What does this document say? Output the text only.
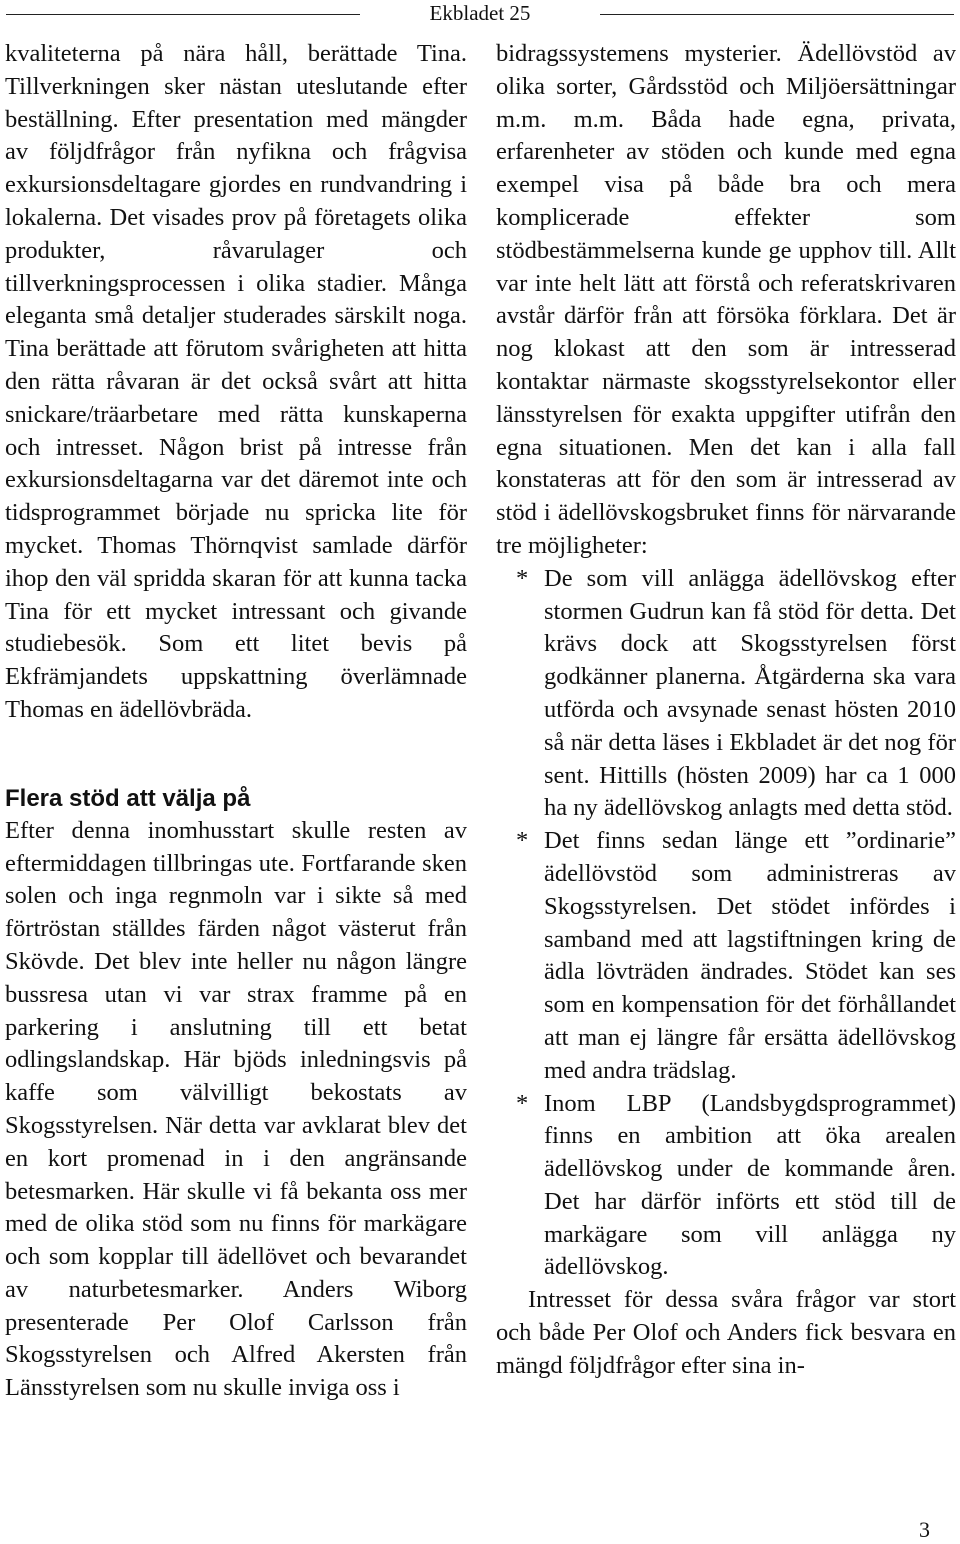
Ekbladet 25

kvaliteterna på nära håll, berättade Tina. Tillverkningen sker nästan uteslutande efter beställning. Efter presentation med mängder av följdfrågor från nyfikna och frågvisa exkursionsdeltagare gjordes en rundvandring i lokalerna. Det visades prov på företagets olika produkter, råvarulager och tillverkningsprocessen i olika stadier. Många eleganta små detaljer studerades särskilt noga. Tina berättade att förutom svårigheten att hitta den rätta råvaran är det också svårt att hitta snickare/träarbetare med rätta kunskaperna och intresset. Någon brist på intresse från exkursionsdeltagarna var det däremot inte och tidsprogrammet började nu spricka lite för mycket. Thomas Thörnqvist samlade därför ihop den väl spridda skaran för att kunna tacka Tina för ett mycket intressant och givande studiebesök. Som ett litet bevis på Ekfrämjandets uppskattning överlämnade Thomas en ädellövbräda.

Flera stöd att välja på

Efter denna inomhusstart skulle resten av eftermiddagen tillbringas ute. Fortfarande sken solen och inga regnmoln var i sikte så med förtröstan ställdes färden något västerut från Skövde. Det blev inte heller nu någon längre bussresa utan vi var strax framme på en parkering i anslutning till ett betat odlingslandskap. Här bjöds inledningsvis på kaffe som välvilligt bekostats av Skogsstyrelsen. När detta var avklarat blev det en kort promenad in i den angränsande betesmarken. Här skulle vi få bekanta oss mer med de olika stöd som nu finns för markägare och som kopplar till ädellövet och bevarandet av naturbetesmarker. Anders Wiborg presenterade Per Olof Carlsson från Skogsstyrelsen och Alfred Akersten från Länsstyrelsen som nu skulle inviga oss i

bidragssystemens mysterier. Ädellövstöd av olika sorter, Gårdsstöd och Miljöersättningar m.m. m.m. Båda hade egna, privata, erfarenheter av stöden och kunde med egna exempel visa på både bra och mera komplicerade effekter som stödbestämmelserna kunde ge upphov till. Allt var inte helt lätt att förstå och referatskrivaren avstår därför från att försöka förklara. Det är nog klokast att den som är intresserad kontaktar närmaste skogsstyrelsekontor eller länsstyrelsen för exakta uppgifter utifrån den egna situationen. Men det kan i alla fall konstateras att för den som är intresserad av stöd i ädellövskogsbruket finns för närvarande tre möjligheter:

* De som vill anlägga ädellövskog efter stormen Gudrun kan få stöd för detta. Det krävs dock att Skogsstyrelsen först godkänner planerna. Åtgärderna ska vara utförda och avsynade senast hösten 2010 så när detta läses i Ekbladet är det nog för sent. Hittills (hösten 2009) har ca 1 000 ha ny ädellövskog anlagts med detta stöd.
* Det finns sedan länge ett ”ordinarie” ädellövstöd som administreras av Skogsstyrelsen. Det stödet infördes i samband med att lagstiftningen kring de ädla lövträden ändrades. Stödet kan ses som en kompensation för det förhållandet att man ej längre får ersätta ädellövskog med andra trädslag.
* Inom LBP (Landsbygdsprogrammet) finns en ambition att öka arealen ädellövskog under de kommande åren. Det har därför införts ett stöd till de markägare som vill anlägga ny ädellövskog.

Intresset för dessa svåra frågor var stort och både Per Olof och Anders fick besvara en mängd följdfrågor efter sina in-

3
